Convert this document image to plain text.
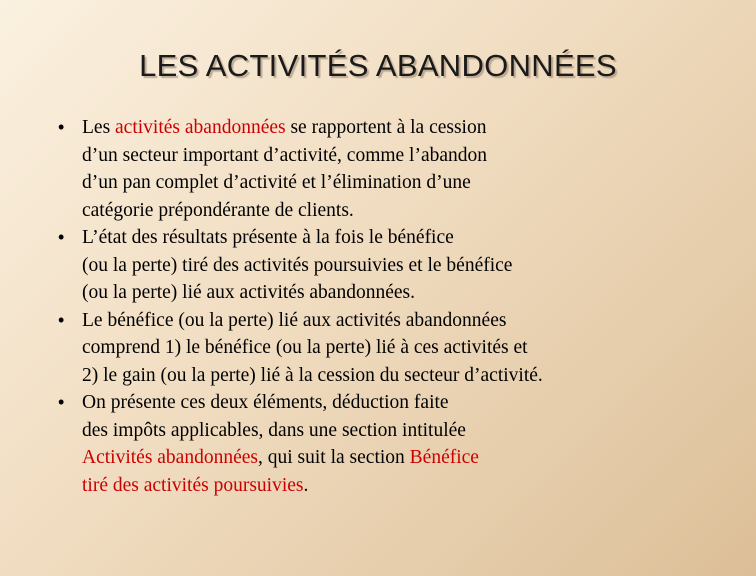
LES ACTIVITÉS ABANDONNÉES
• Les activités abandonnées se rapportent à la cession
d’un secteur important d’activité, comme l’abandon
d’un pan complet d’activité et l’élimination d’une
catégorie prépondérante de clients.
• L’état des résultats présente à la fois le bénéfice
(ou la perte) tiré des activités poursuivies et le bénéfice
(ou la perte) lié aux activités abandonnées.
• Le bénéfice (ou la perte) lié aux activités abandonnées
comprend 1) le bénéfice (ou la perte) lié à ces activités et
2) le gain (ou la perte) lié à la cession du secteur d’activité.
• On présente ces deux éléments, déduction faite
des impôts applicables, dans une section intitulée
Activités abandonnées, qui suit la section Bénéfice
tiré des activités poursuivies.
